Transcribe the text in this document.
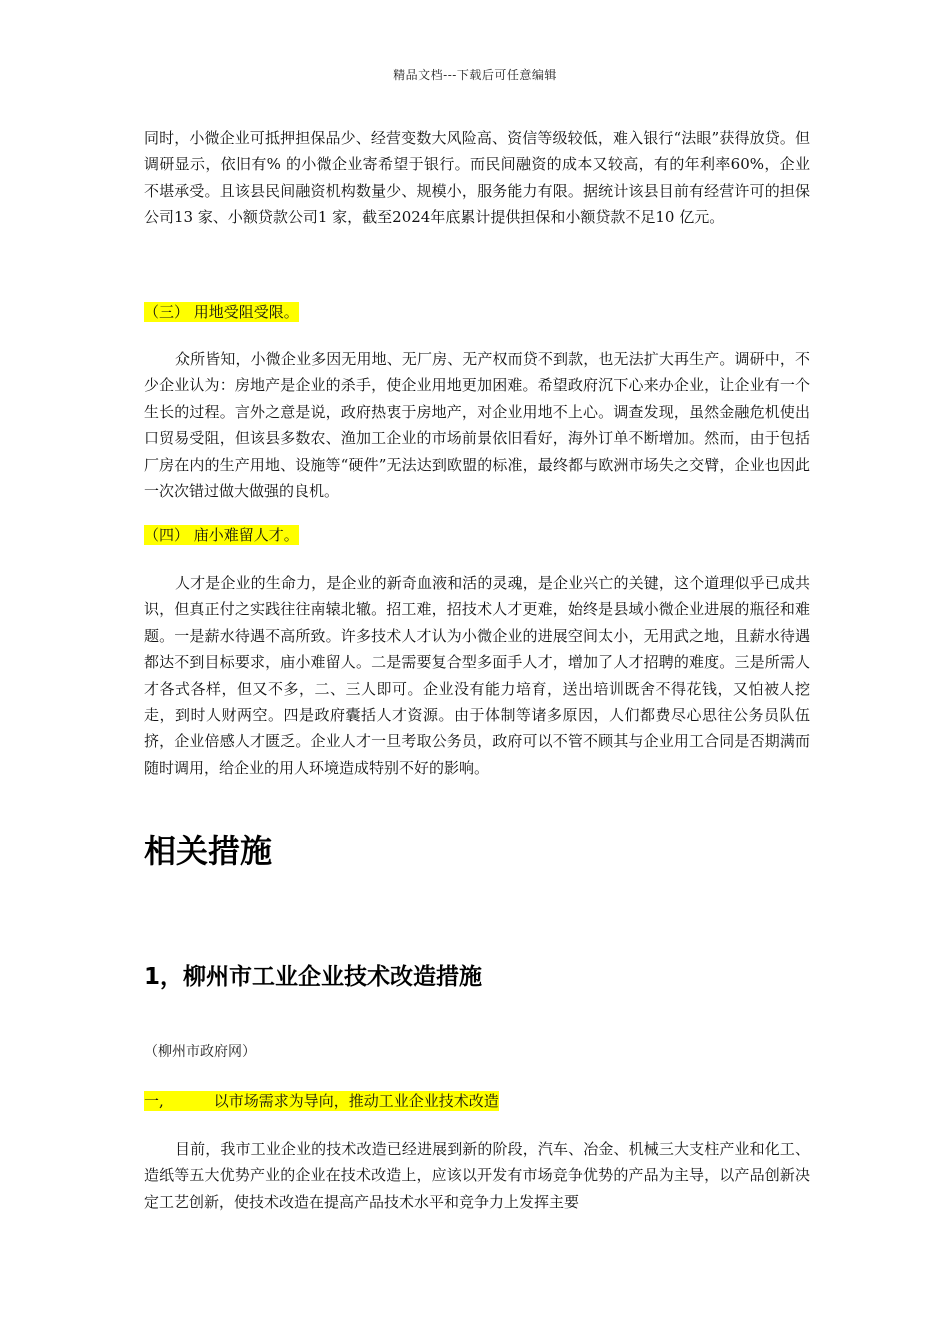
精品文档---下载后可任意编辑

同时，小微企业可抵押担保品少、经营变数大风险高、资信等级较低，难入银行“法眼”获得放贷。但调研显示，依旧有% 的小微企业寄希望于银行。而民间融资的成本又较高，有的年利率60%，企业不堪承受。且该县民间融资机构数量少、规模小，服务能力有限。据统计该县目前有经营许可的担保公司13 家、小额贷款公司1 家，截至2024年底累计提供担保和小额贷款不足10 亿元。

（三） 用地受阻受限。

众所皆知，小微企业多因无用地、无厂房、无产权而贷不到款，也无法扩大再生产。调研中，不少企业认为：房地产是企业的杀手，使企业用地更加困难。希望政府沉下心来办企业，让企业有一个生长的过程。言外之意是说，政府热衷于房地产，对企业用地不上心。调查发现，虽然金融危机使出口贸易受阻，但该县多数农、渔加工企业的市场前景依旧看好，海外订单不断增加。然而，由于包括厂房在内的生产用地、设施等“硬件”无法达到欧盟的标准，最终都与欧洲市场失之交臂，企业也因此一次次错过做大做强的良机。

（四） 庙小难留人才。

人才是企业的生命力，是企业的新奇血液和活的灵魂，是企业兴亡的关键，这个道理似乎已成共识，但真正付之实践往往南辕北辙。招工难，招技术人才更难，始终是县域小微企业进展的瓶径和难题。一是薪水待遇不高所致。许多技术人才认为小微企业的进展空间太小，无用武之地，且薪水待遇都达不到目标要求，庙小难留人。二是需要复合型多面手人才，增加了人才招聘的难度。三是所需人才各式各样，但又不多，二、三人即可。企业没有能力培育，送出培训既舍不得花钱，又怕被人挖走，到时人财两空。四是政府囊括人才资源。由于体制等诸多原因，人们都费尽心思往公务员队伍挤，企业倍感人才匮乏。企业人才一旦考取公务员，政府可以不管不顾其与企业用工合同是否期满而随时调用，给企业的用人环境造成特别不好的影响。

相关措施
1，柳州市工业企业技术改造措施
（柳州市政府网）
一,	以市场需求为导向，推动工业企业技术改造

目前，我市工业企业的技术改造已经进展到新的阶段，汽车、冶金、机械三大支柱产业和化工、造纸等五大优势产业的企业在技术改造上，应该以开发有市场竞争优势的产品为主导，以产品创新决定工艺创新，使技术改造在提高产品技术水平和竞争力上发挥主要
